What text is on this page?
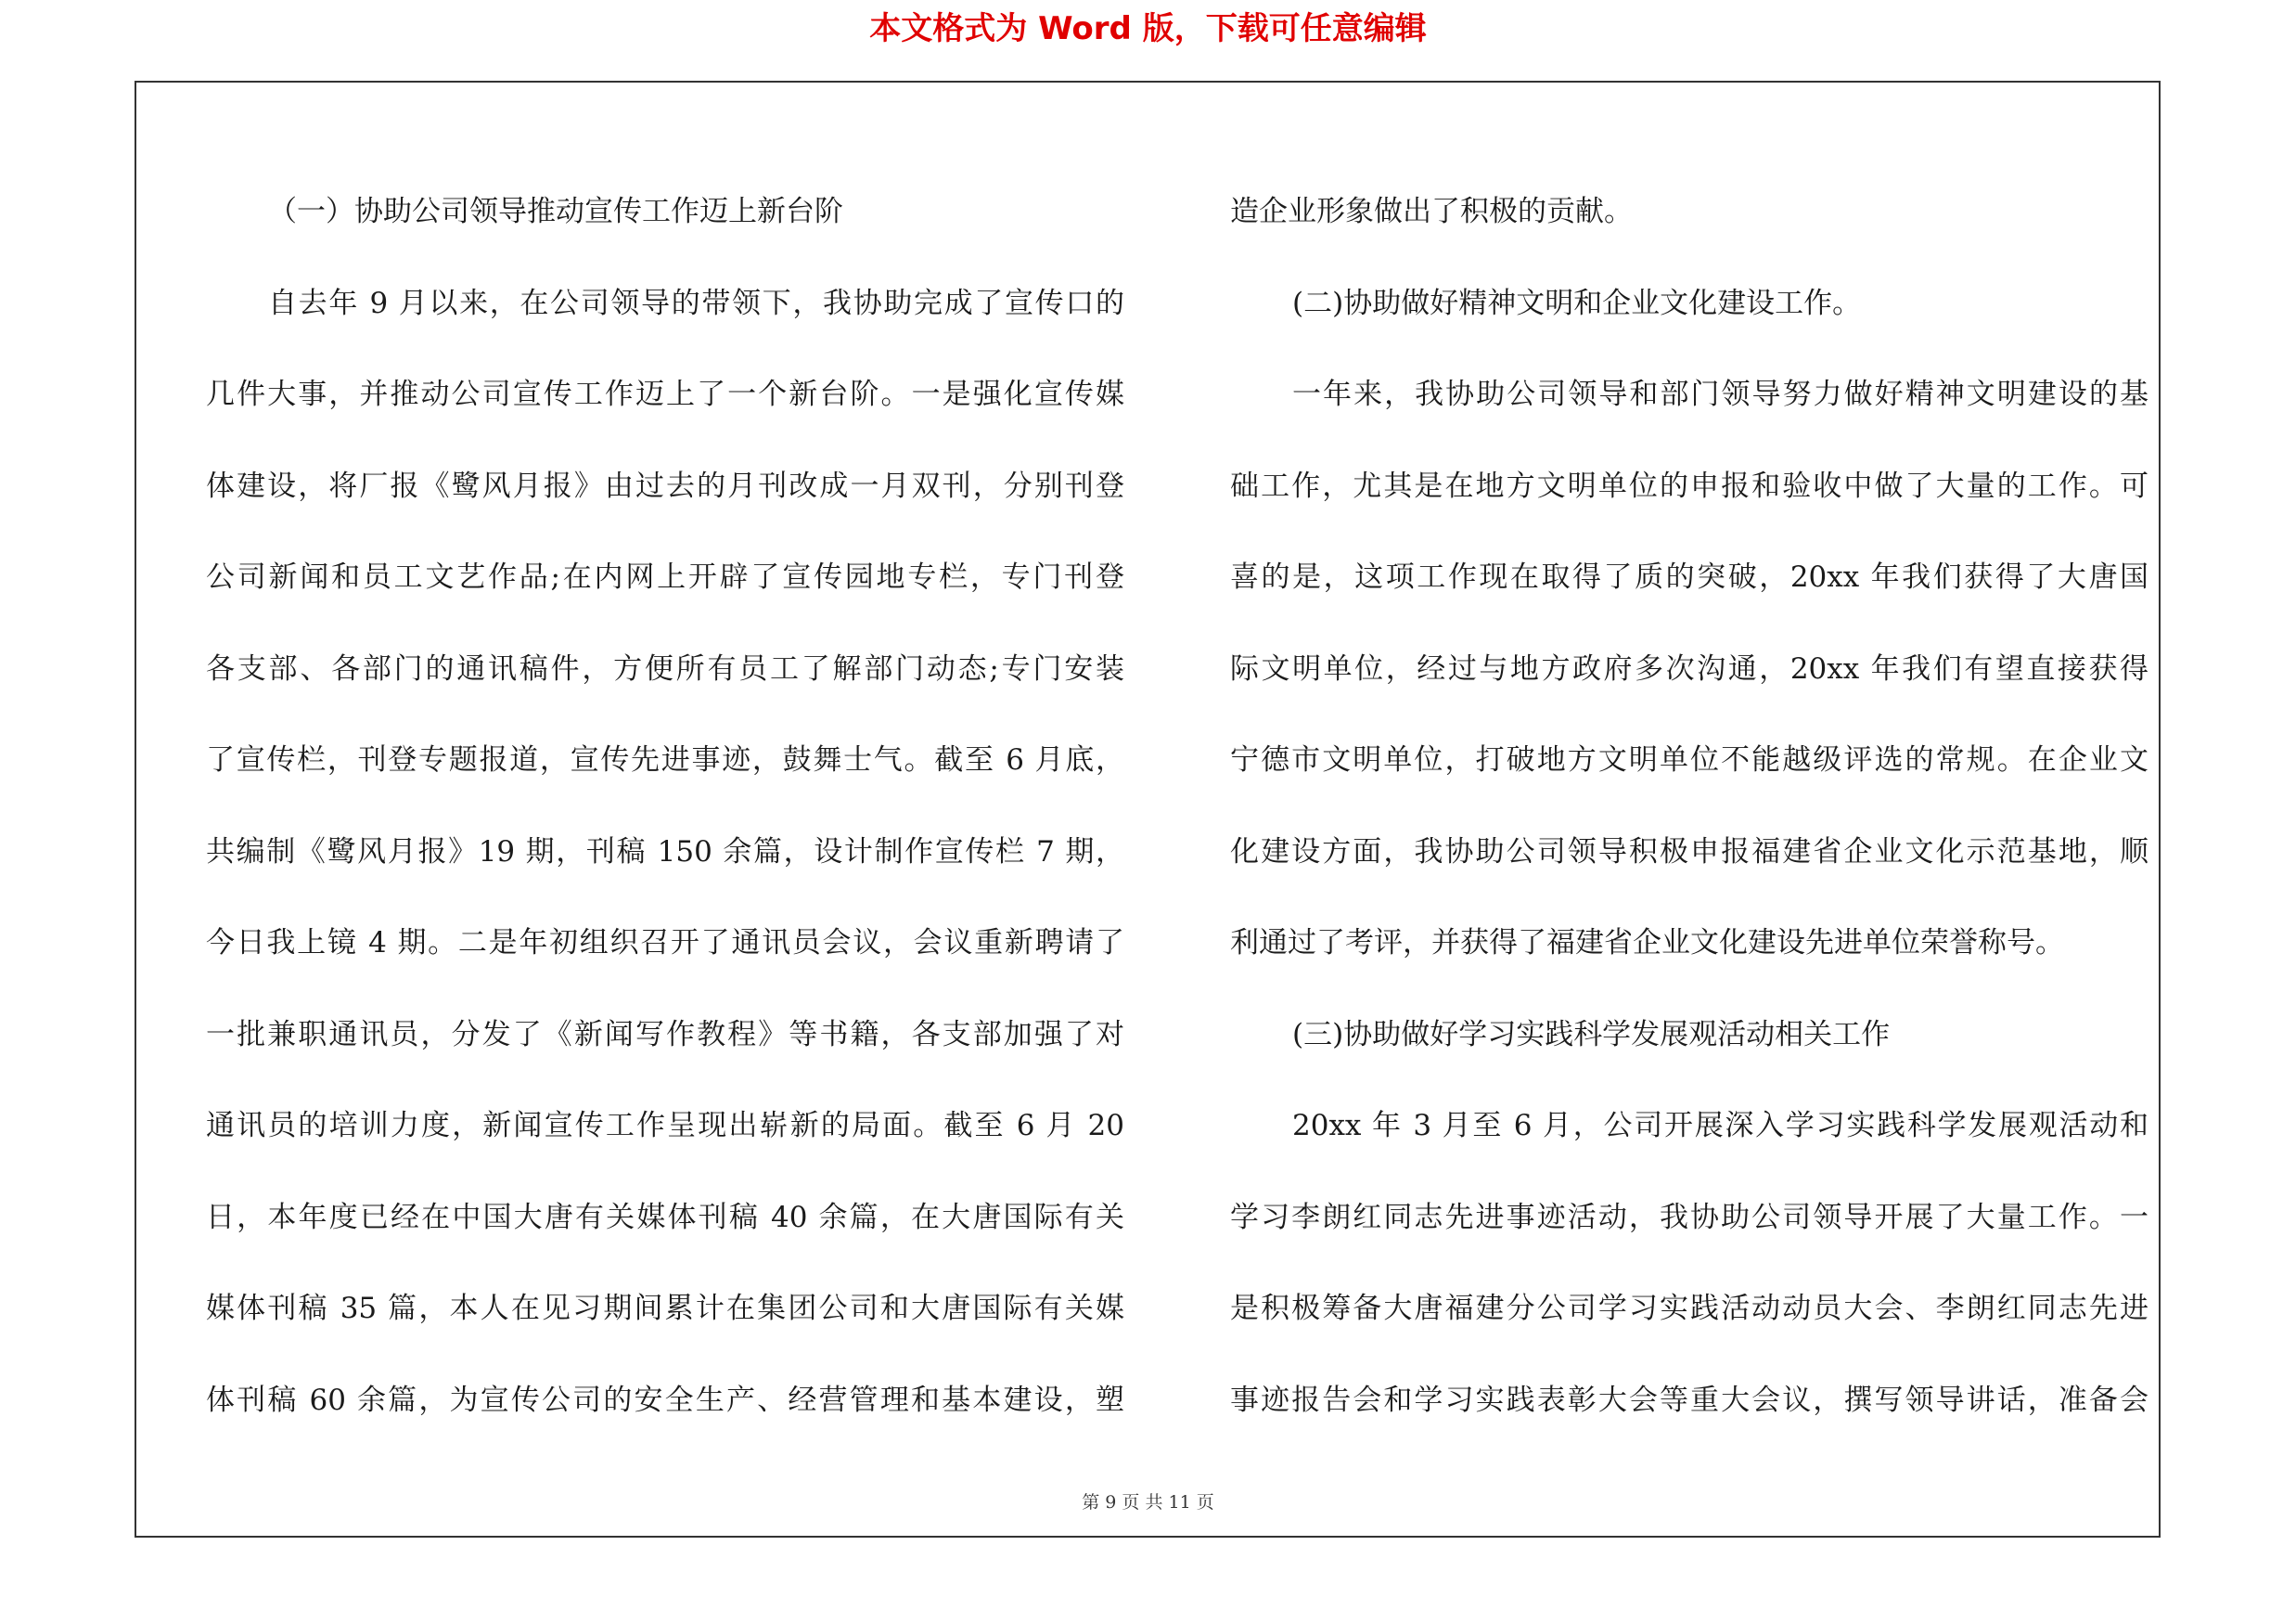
本文格式为 Word 版，下载可任意编辑
（一）协助公司领导推动宣传工作迈上新台阶
自去年 9 月以来，在公司领导的带领下，我协助完成了宣传口的
几件大事，并推动公司宣传工作迈上了一个新台阶。一是强化宣传媒
体建设，将厂报《鹭风月报》由过去的月刊改成一月双刊，分别刊登
公司新闻和员工文艺作品;在内网上开辟了宣传园地专栏，专门刊登
各支部、各部门的通讯稿件，方便所有员工了解部门动态;专门安装
了宣传栏，刊登专题报道，宣传先进事迹，鼓舞士气。截至 6 月底，
共编制《鹭风月报》19 期，刊稿 150 余篇，设计制作宣传栏 7 期，
今日我上镜 4 期。二是年初组织召开了通讯员会议，会议重新聘请了
一批兼职通讯员，分发了《新闻写作教程》等书籍，各支部加强了对
通讯员的培训力度，新闻宣传工作呈现出崭新的局面。截至 6 月 20
日，本年度已经在中国大唐有关媒体刊稿 40 余篇，在大唐国际有关
媒体刊稿 35 篇，本人在见习期间累计在集团公司和大唐国际有关媒
体刊稿 60 余篇，为宣传公司的安全生产、经营管理和基本建设，塑
造企业形象做出了积极的贡献。
(二)协助做好精神文明和企业文化建设工作。
一年来，我协助公司领导和部门领导努力做好精神文明建设的基
础工作，尤其是在地方文明单位的申报和验收中做了大量的工作。可
喜的是，这项工作现在取得了质的突破，20xx 年我们获得了大唐国
际文明单位，经过与地方政府多次沟通，20xx 年我们有望直接获得
宁德市文明单位，打破地方文明单位不能越级评选的常规。在企业文
化建设方面，我协助公司领导积极申报福建省企业文化示范基地，顺
利通过了考评，并获得了福建省企业文化建设先进单位荣誉称号。
(三)协助做好学习实践科学发展观活动相关工作
20xx 年 3 月至 6 月，公司开展深入学习实践科学发展观活动和
学习李朗红同志先进事迹活动，我协助公司领导开展了大量工作。一
是积极筹备大唐福建分公司学习实践活动动员大会、李朗红同志先进
事迹报告会和学习实践表彰大会等重大会议，撰写领导讲话，准备会
第 9 页 共 11 页
